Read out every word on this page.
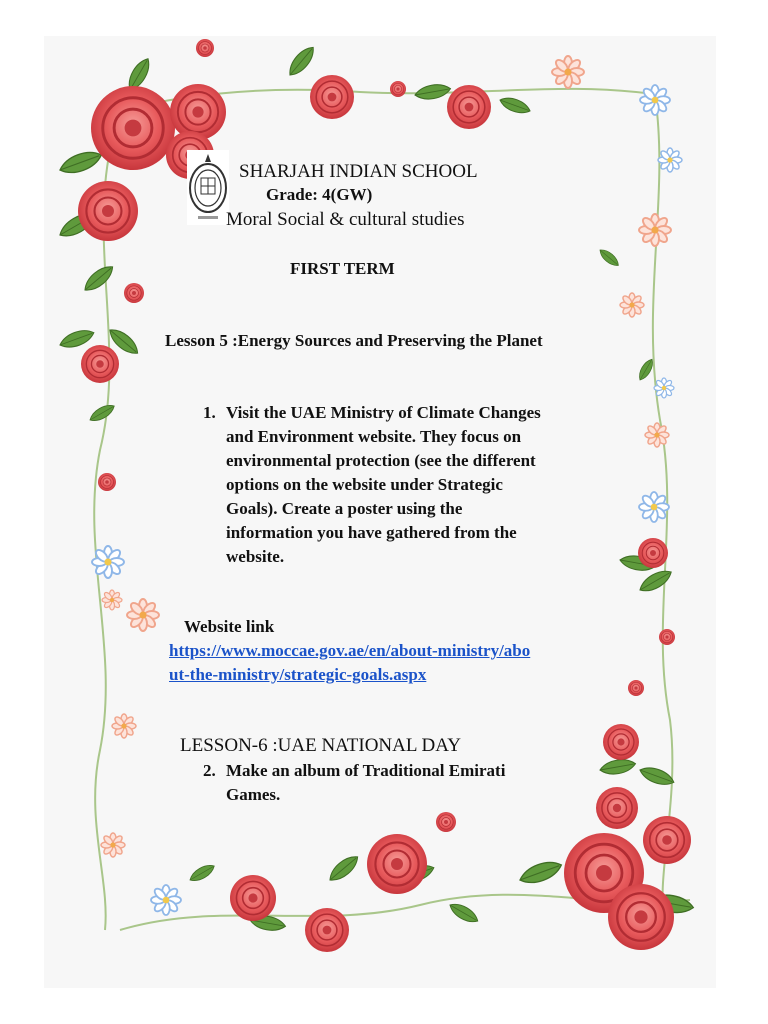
SHARJAH INDIAN SCHOOL
Grade: 4(GW)
Moral Social & cultural studies
FIRST TERM
Lesson 5 :Energy Sources and Preserving the Planet
1. Visit the UAE Ministry of Climate Changes
and Environment website. They focus on
environmental protection (see the different
options on the website under Strategic
Goals). Create a poster using the
information you have gathered from the
website.
Website link
https://www.moccae.gov.ae/en/about-ministry/abo
ut-the-ministry/strategic-goals.aspx
LESSON-6 :UAE NATIONAL DAY
2. Make an album of Traditional Emirati
Games.
